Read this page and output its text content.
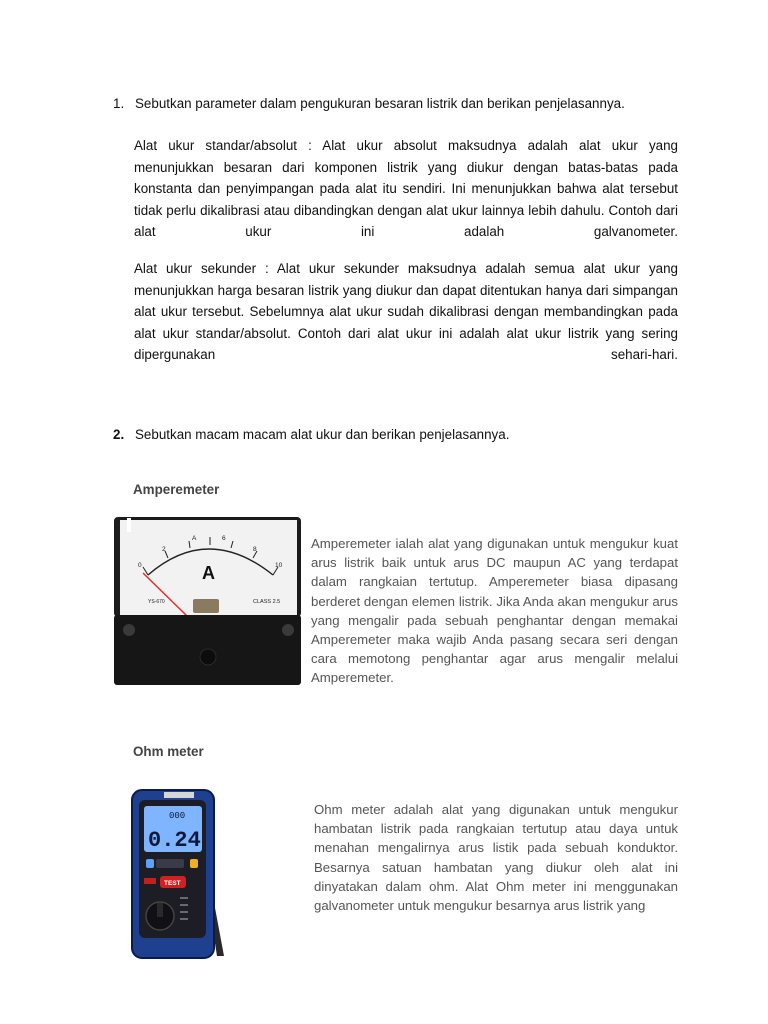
1. Sebutkan parameter dalam pengukuran besaran listrik dan berikan penjelasannya.

Alat ukur standar/absolut : Alat ukur absolut maksudnya adalah alat ukur yang menunjukkan besaran dari komponen listrik yang diukur dengan batas-batas pada konstanta dan penyimpangan pada alat itu sendiri. Ini menunjukkan bahwa alat tersebut tidak perlu dikalibrasi atau dibandingkan dengan alat ukur lainnya lebih dahulu. Contoh dari alat ukur ini adalah galvanometer.

Alat ukur sekunder : Alat ukur sekunder maksudnya adalah semua alat ukur yang menunjukkan harga besaran listrik yang diukur dan dapat ditentukan hanya dari simpangan alat ukur tersebut. Sebelumnya alat ukur sudah dikalibrasi dengan membandingkan pada alat ukur standar/absolut. Contoh dari alat ukur ini adalah alat ukur listrik yang sering dipergunakan sehari-hari.

2. Sebutkan macam macam alat ukur dan berikan penjelasannya.
Amperemeter
0
2
6
8
10
A
A
CLASS 2.5
YS-670
Amperemeter ialah alat yang digunakan untuk mengukur kuat arus listrik baik untuk arus DC maupun AC yang terdapat dalam rangkaian tertutup. Amperemeter biasa dipasang berderet dengan elemen listrik. Jika Anda akan mengukur arus yang mengalir pada sebuah penghantar dengan memakai Amperemeter maka wajib Anda pasang secara seri dengan cara memotong penghantar agar arus mengalir melalui Amperemeter.
Ohm meter
000
0.24
TEST
Ohm meter adalah alat yang digunakan untuk mengukur hambatan listrik pada rangkaian tertutup atau daya untuk menahan mengalirnya arus listik pada sebuah konduktor. Besarnya satuan hambatan yang diukur oleh alat ini dinyatakan dalam ohm. Alat Ohm meter ini menggunakan galvanometer untuk mengukur besarnya arus listrik yang
